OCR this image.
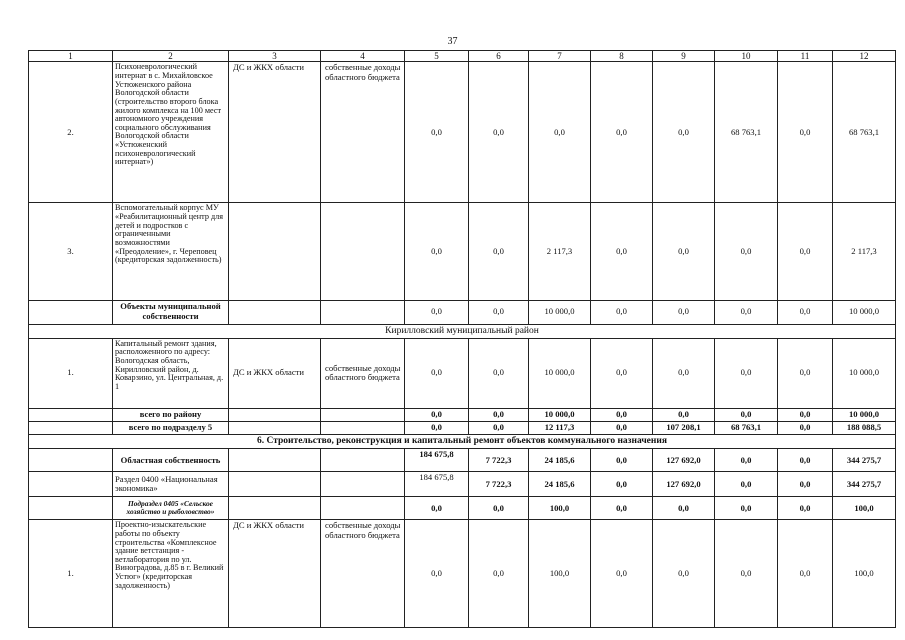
37
1	2	3	4	5	6	7	8	9	10	11	12
2.	Психоневрологический интернат в с. Михайловское Устюженского района Вологодской области (строительство второго блока жилого комплекса на 100 мест автономного учреждения социального обслуживания Вологодской области «Устюженский психоневрологический интернат»)	ДС и ЖКХ области	собственные доходы областного бюджета	0,0	0,0	0,0	0,0	0,0	68 763,1	0,0	68 763,1
3.	Вспомогательный корпус МУ «Реабилитационный центр для детей и подростков с ограниченными возможностями «Преодоление», г. Череповец (кредиторская задолженность)			0,0	0,0	2 117,3	0,0	0,0	0,0	0,0	2 117,3
	Объекты муниципальной собственности			0,0	0,0	10 000,0	0,0	0,0	0,0	0,0	10 000,0
Кирилловский муниципальный район											
1.	Капитальный ремонт здания, расположенного по адресу: Вологодская область, Кирилловский район, д. Коварзино, ул. Центральная, д. 1	ДС и ЖКХ области	собственные доходы областного бюджета	0,0	0,0	10 000,0	0,0	0,0	0,0	0,0	10 000,0
	всего по району			0,0	0,0	10 000,0	0,0	0,0	0,0	0,0	10 000,0
	всего по подразделу 5			0,0	0,0	12 117,3	0,0	107 208,1	68 763,1	0,0	188 088,5
6. Строительство, реконструкция и капитальный ремонт объектов коммунального назначения											
	Областная собственность			184 675,8	7 722,3	24 185,6	0,0	127 692,0	0,0	0,0	344 275,7
	Раздел 0400 «Национальная экономика»			184 675,8	7 722,3	24 185,6	0,0	127 692,0	0,0	0,0	344 275,7
	Подраздел 0405 «Сельское хозяйство и рыболовство»			0,0	0,0	100,0	0,0	0,0	0,0	0,0	100,0
1.	Проектно-изыскательские работы по объекту строительства «Комплексное здание ветстанция - ветлаборатория по ул. Виноградова, д.85 в г. Великий Устюг» (кредиторская задолженность)	ДС и ЖКХ области	собственные доходы областного бюджета	0,0	0,0	100,0	0,0	0,0	0,0	0,0	100,0
